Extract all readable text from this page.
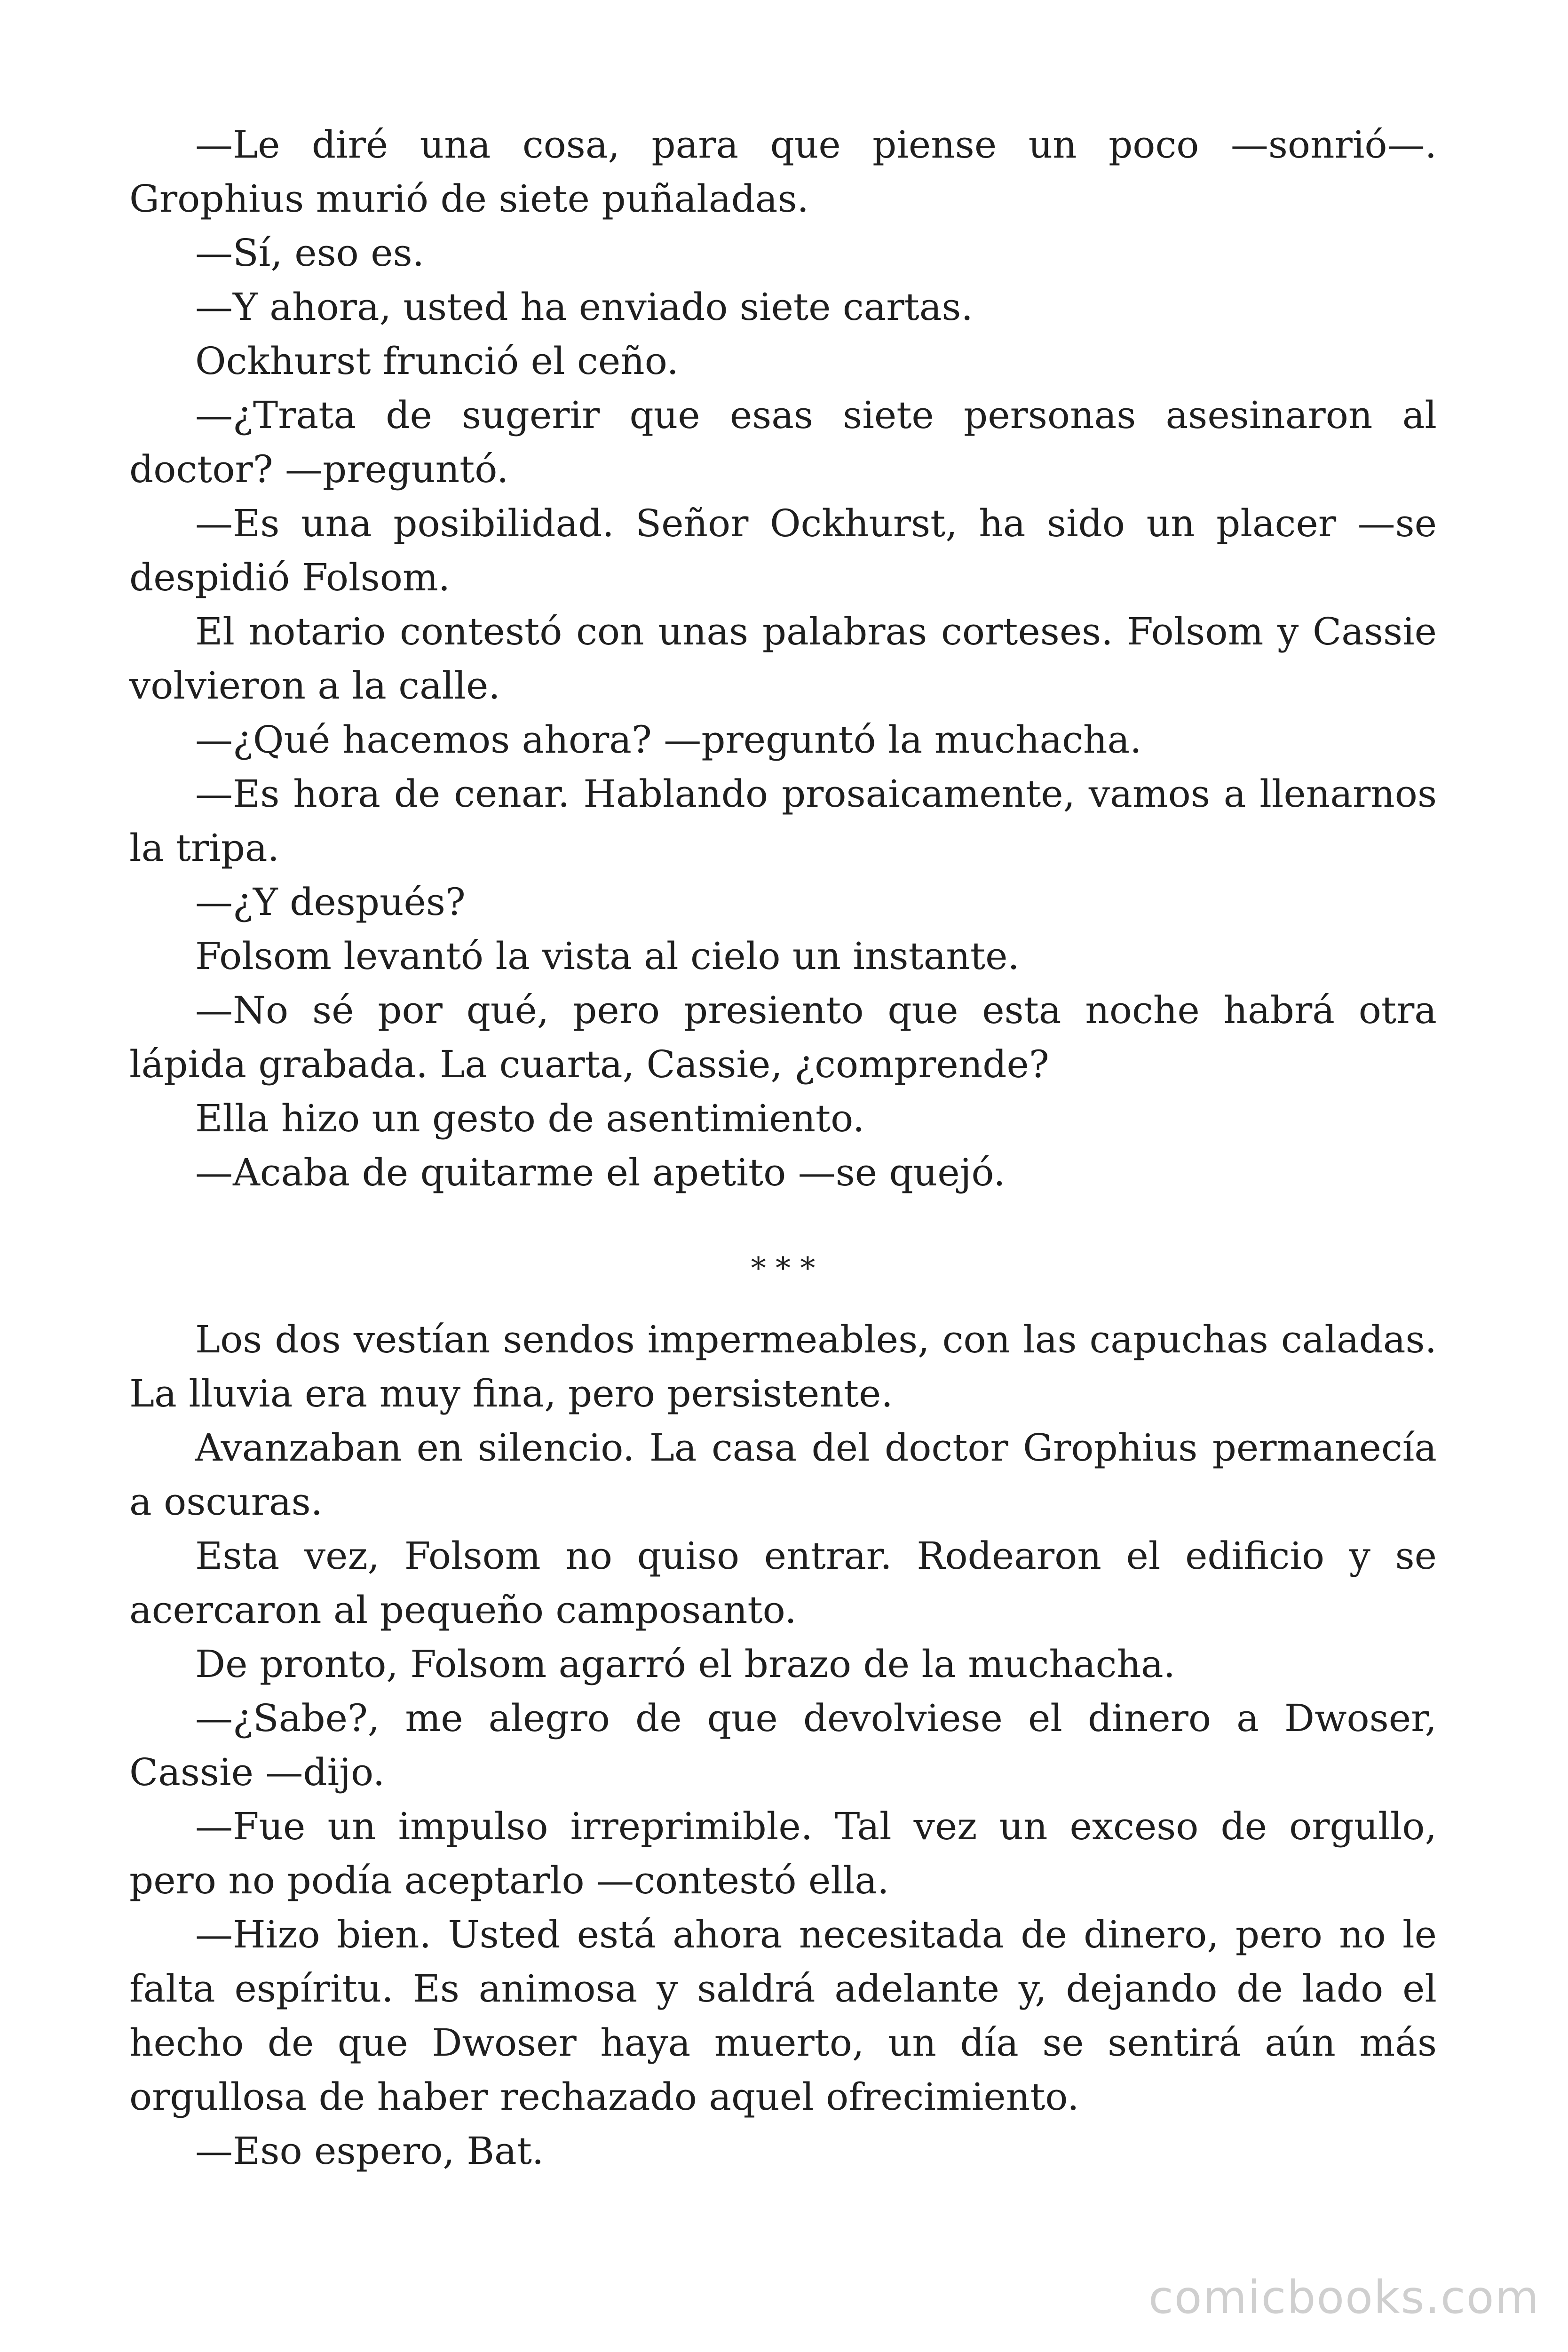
—Le diré una cosa, para que piense un poco —sonrió—. Grophius murió de siete puñaladas.

—Sí, eso es.

—Y ahora, usted ha enviado siete cartas.

Ockhurst frunció el ceño.

—¿Trata de sugerir que esas siete personas asesinaron al doctor? —preguntó.

—Es una posibilidad. Señor Ockhurst, ha sido un placer —se despidió Folsom.

El notario contestó con unas palabras corteses. Folsom y Cassie volvieron a la calle.

—¿Qué hacemos ahora? —preguntó la muchacha.

—Es hora de cenar. Hablando prosaicamente, vamos a llenarnos la tripa.

—¿Y después?

Folsom levantó la vista al cielo un instante.

—No sé por qué, pero presiento que esta noche habrá otra lápida grabada. La cuarta, Cassie, ¿comprende?

Ella hizo un gesto de asentimiento.

—Acaba de quitarme el apetito —se quejó.

* * *

Los dos vestían sendos impermeables, con las capuchas caladas. La lluvia era muy fina, pero persistente.

Avanzaban en silencio. La casa del doctor Grophius permanecía a oscuras.

Esta vez, Folsom no quiso entrar. Rodearon el edificio y se acercaron al pequeño camposanto.

De pronto, Folsom agarró el brazo de la muchacha.

—¿Sabe?, me alegro de que devolviese el dinero a Dwoser, Cassie —dijo.

—Fue un impulso irreprimible. Tal vez un exceso de orgullo, pero no podía aceptarlo —contestó ella.

—Hizo bien. Usted está ahora necesitada de dinero, pero no le falta espíritu. Es animosa y saldrá adelante y, dejando de lado el hecho de que Dwoser haya muerto, un día se sentirá aún más orgullosa de haber rechazado aquel ofrecimiento.

—Eso espero, Bat.

comicbooks.com
